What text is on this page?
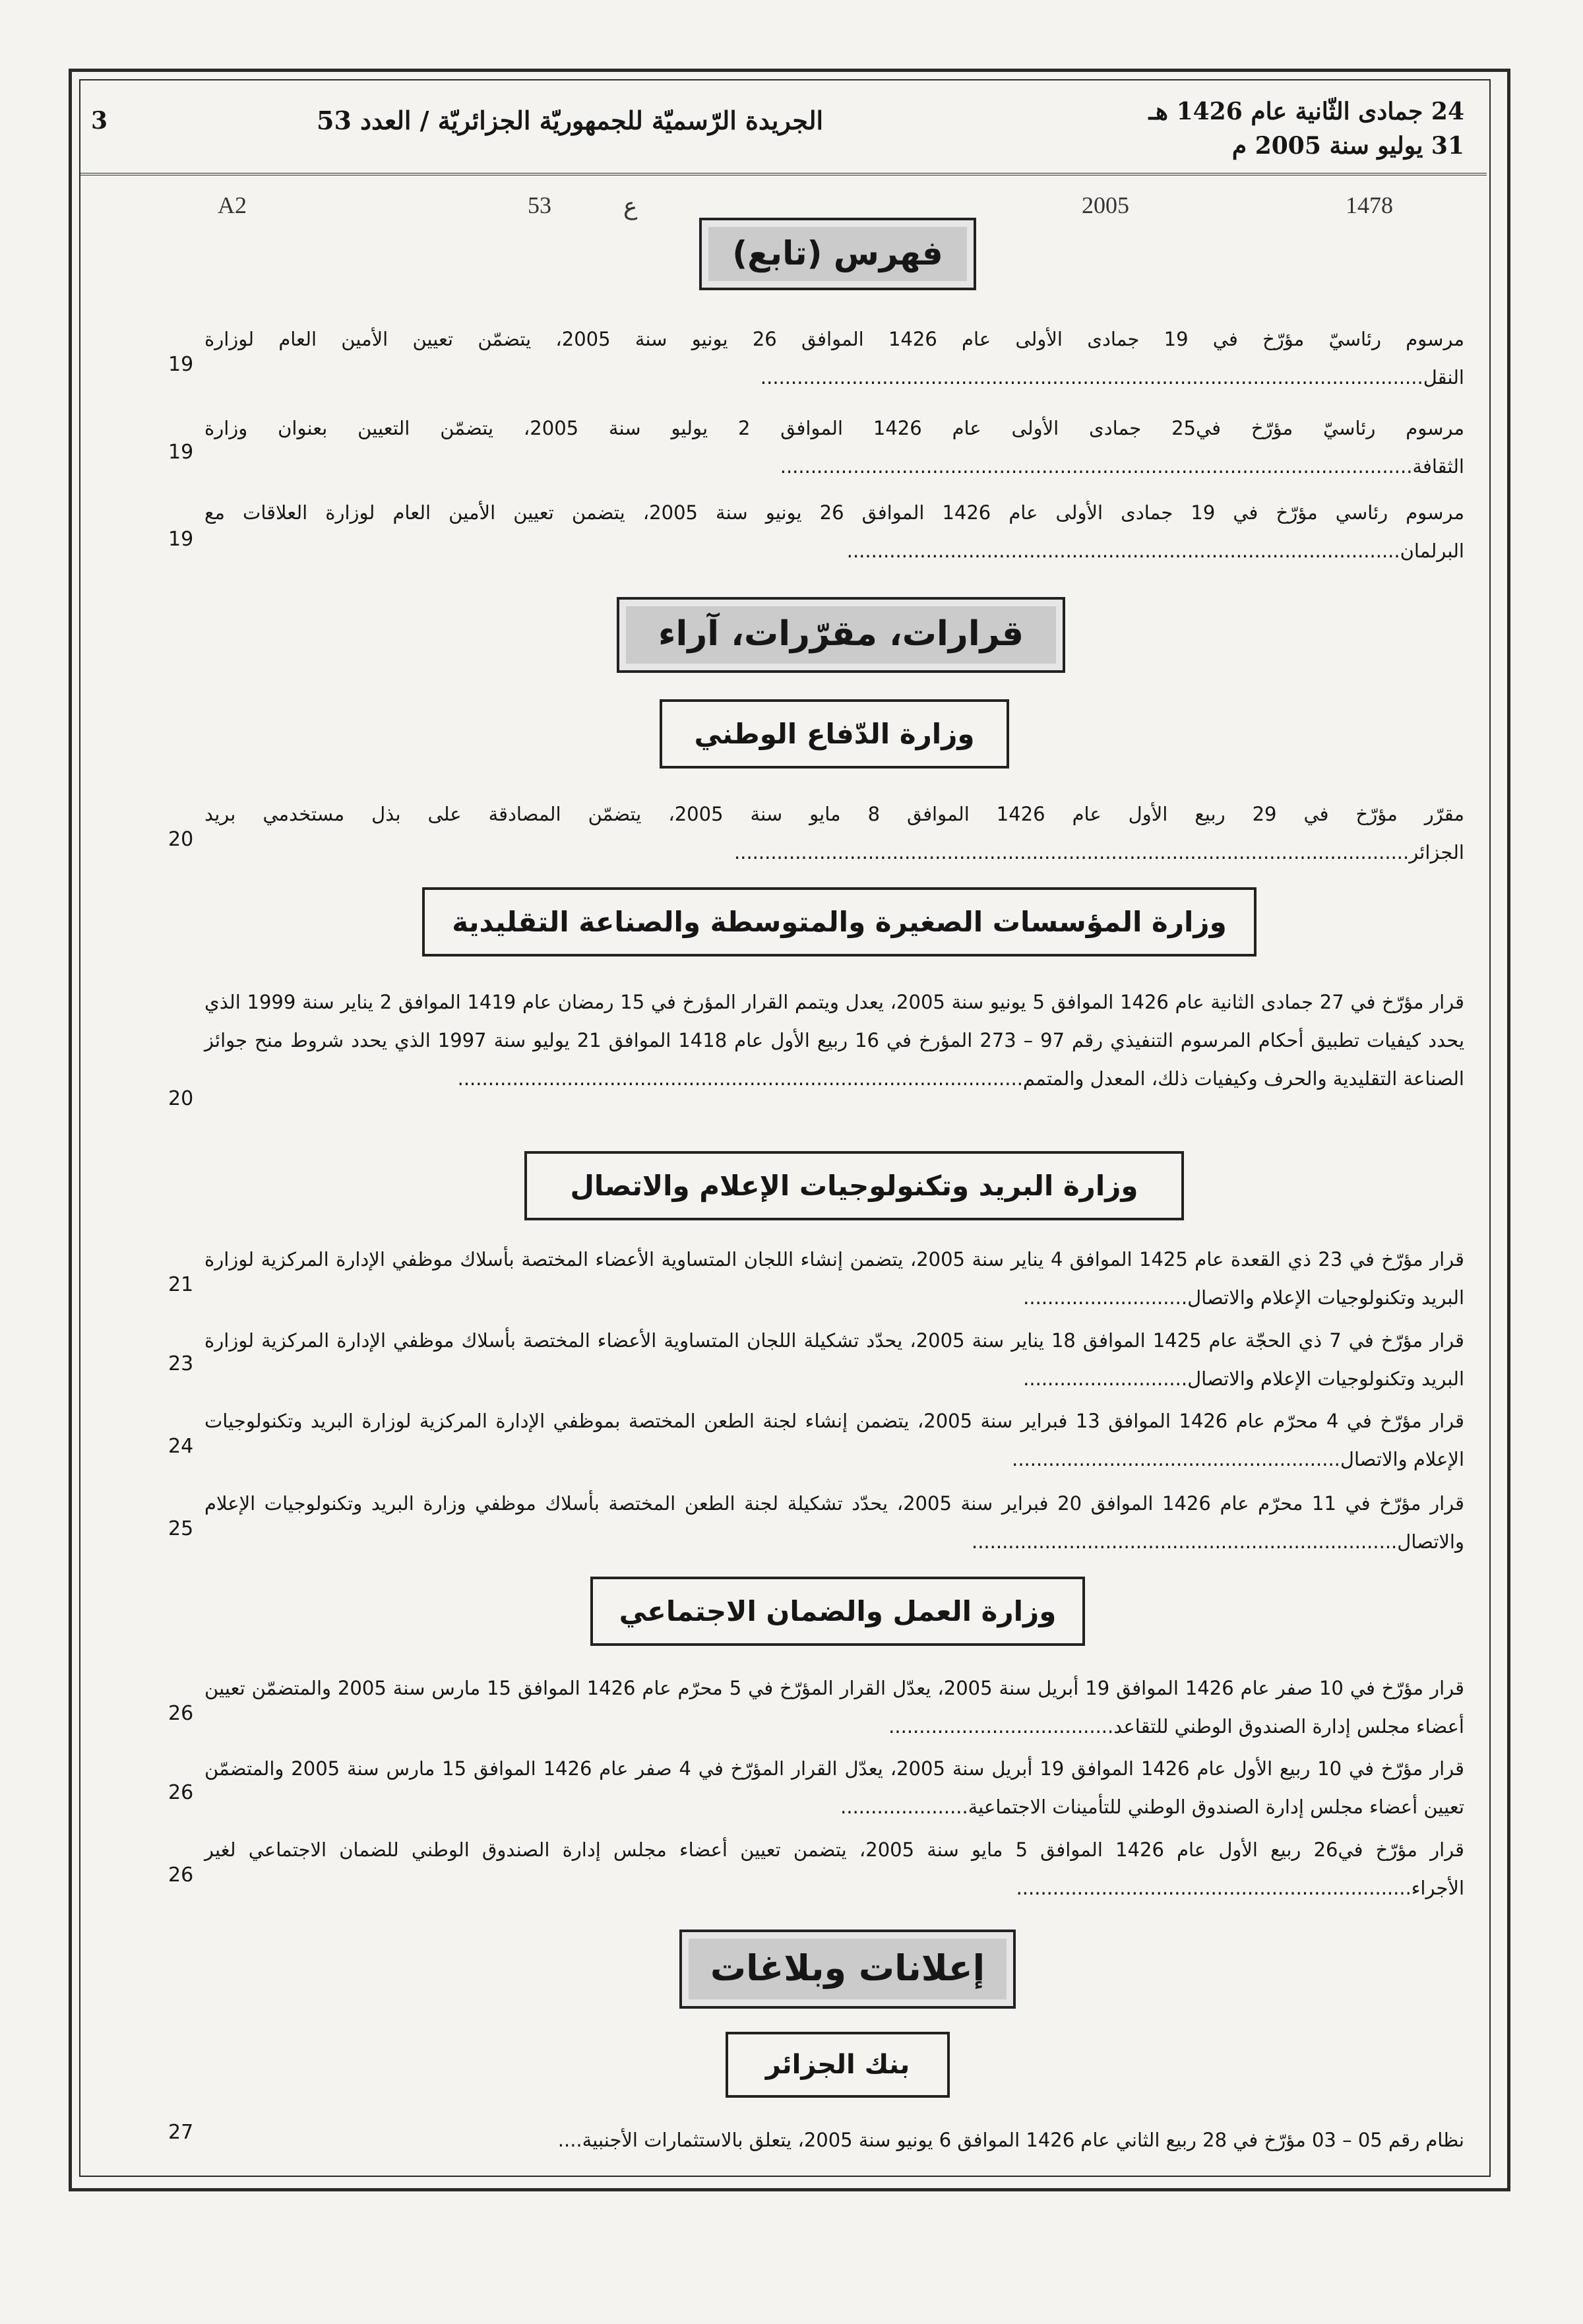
3	الجريدة الرّسميّة للجمهوريّة الجزائريّة / العدد 53	24 جمادى الثّانية عام 1426 هـ
31 يوليو سنة 2005 م
A2	53	ع	2005	1478
فهرس (تابع)
مرسوم رئاسيّ مؤرّخ في 19 جمادى الأولى عام 1426 الموافق 26 يونيو سنة 2005، يتضمّن تعيين الأمين العام لوزارة النقل.............................................................................................................
19
مرسوم رئاسيّ مؤرّخ في25 جمادى الأولى عام 1426 الموافق 2 يوليو سنة 2005، يتضمّن التعيين بعنوان وزارة الثقافة........................................................................................................
19
مرسوم رئاسي مؤرّخ في 19 جمادى الأولى عام 1426 الموافق 26 يونيو سنة 2005، يتضمن تعيين الأمين العام لوزارة العلاقات مع البرلمان...........................................................................................
19
قرارات، مقرّرات، آراء
وزارة الدّفاع الوطني
مقرّر مؤرّخ في 29 ربيع الأول عام 1426 الموافق 8 مايو سنة 2005، يتضمّن المصادقة على بذل مستخدمي بريد الجزائر...............................................................................................................
20
وزارة المؤسسات الصغيرة والمتوسطة والصناعة التقليدية
قرار مؤرّخ في 27 جمادى الثانية عام 1426 الموافق 5 يونيو سنة 2005، يعدل ويتمم القرار المؤرخ في 15 رمضان عام 1419 الموافق 2 يناير سنة 1999 الذي يحدد كيفيات تطبيق أحكام المرسوم التنفيذي رقم 97 – 273 المؤرخ في 16 ربيع الأول عام 1418 الموافق 21 يوليو سنة 1997 الذي يحدد شروط منح جوائز الصناعة التقليدية والحرف وكيفيات ذلك، المعدل والمتمم.............................................................................................
20
وزارة البريد وتكنولوجيات الإعلام والاتصال
قرار مؤرّخ في 23 ذي القعدة عام 1425 الموافق 4 يناير سنة 2005، يتضمن إنشاء اللجان المتساوية الأعضاء المختصة بأسلاك موظفي الإدارة المركزية لوزارة البريد وتكنولوجيات الإعلام والاتصال...........................
21
قرار مؤرّخ في 7 ذي الحجّة عام 1425 الموافق 18 يناير سنة 2005، يحدّد تشكيلة اللجان المتساوية الأعضاء المختصة بأسلاك موظفي الإدارة المركزية لوزارة البريد وتكنولوجيات الإعلام والاتصال...........................
23
قرار مؤرّخ في 4 محرّم عام 1426 الموافق 13 فبراير سنة 2005، يتضمن إنشاء لجنة الطعن المختصة بموظفي الإدارة المركزية لوزارة البريد وتكنولوجيات الإعلام والاتصال......................................................
24
قرار مؤرّخ في 11 محرّم عام 1426 الموافق 20 فبراير سنة 2005، يحدّد تشكيلة لجنة الطعن المختصة بأسلاك موظفي وزارة البريد وتكنولوجيات الإعلام والاتصال......................................................................
25
وزارة العمل والضمان الاجتماعي
قرار مؤرّخ في 10 صفر عام 1426 الموافق 19 أبريل سنة 2005، يعدّل القرار المؤرّخ في 5 محرّم عام 1426 الموافق 15 مارس سنة 2005 والمتضمّن تعيين أعضاء مجلس إدارة الصندوق الوطني للتقاعد.....................................
26
قرار مؤرّخ في 10 ربيع الأول عام 1426 الموافق 19 أبريل سنة 2005، يعدّل القرار المؤرّخ في 4 صفر عام 1426 الموافق 15 مارس سنة 2005 والمتضمّن تعيين أعضاء مجلس إدارة الصندوق الوطني للتأمينات الاجتماعية.....................
26
قرار مؤرّخ في26 ربيع الأول عام 1426 الموافق 5 مايو سنة 2005، يتضمن تعيين أعضاء مجلس إدارة الصندوق الوطني للضمان الاجتماعي لغير الأجراء.................................................................
26
إعلانات وبلاغات
بنك الجزائر
نظام رقم 05 – 03 مؤرّخ في 28 ربيع الثاني عام 1426 الموافق 6 يونيو سنة 2005، يتعلق بالاستثمارات الأجنبية....
27
